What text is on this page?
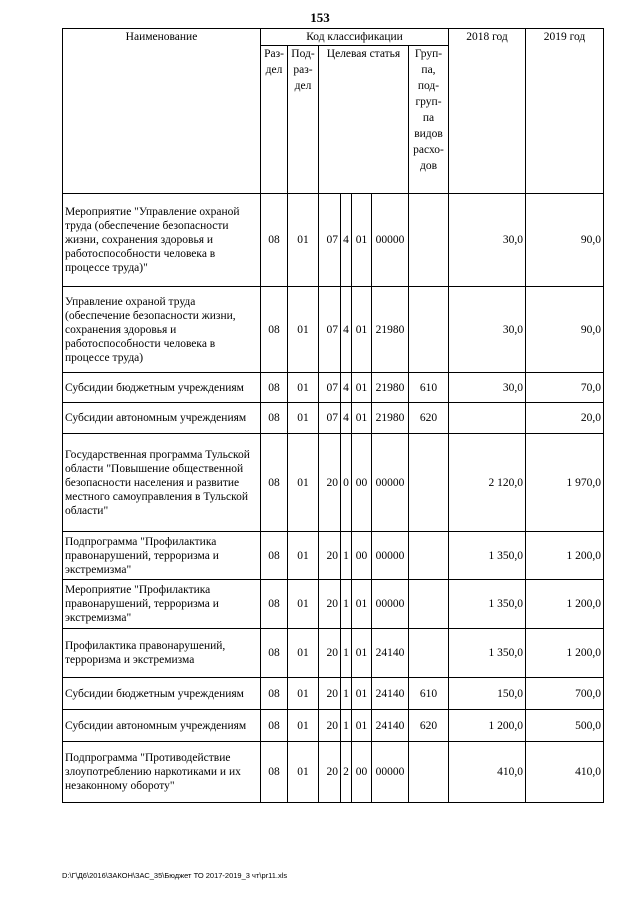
153
Наименование	Код классификации							2018 год	2019 год
	Раз-дел	Под-раз-дел	Целевая статья				Груп-па, под-груп-па видов расхо-дов		
Мероприятие "Управление охраной труда (обеспечение безопасности жизни, сохранения здоровья и работоспособности человека в процессе труда)"	08	01	07	4	01	00000		30,0	90,0
Управление охраной труда (обеспечение безопасности жизни, сохранения здоровья и работоспособности человека в процессе труда)	08	01	07	4	01	21980		30,0	90,0
Субсидии бюджетным учреждениям	08	01	07	4	01	21980	610	30,0	70,0
Субсидии автономным учреждениям	08	01	07	4	01	21980	620		20,0
Государственная программа Тульской области "Повышение общественной безопасности населения и развитие местного самоуправления в Тульской области"	08	01	20	0	00	00000		2 120,0	1 970,0
Подпрограмма "Профилактика правонарушений, терроризма и экстремизма"	08	01	20	1	00	00000		1 350,0	1 200,0
Мероприятие "Профилактика правонарушений, терроризма и экстремизма"	08	01	20	1	01	00000		1 350,0	1 200,0
Профилактика правонарушений, терроризма и экстремизма	08	01	20	1	01	24140		1 350,0	1 200,0
Субсидии бюджетным учреждениям	08	01	20	1	01	24140	610	150,0	700,0
Субсидии автономным учреждениям	08	01	20	1	01	24140	620	1 200,0	500,0
Подпрограмма "Противодействие злоупотреблению наркотиками и их незаконному обороту"	08	01	20	2	00	00000		410,0	410,0
D:\Г\Д6\2016\ЗАКОН\ЗАС_35\Бюджет ТО 2017-2019_3 чт\pr11.xls
